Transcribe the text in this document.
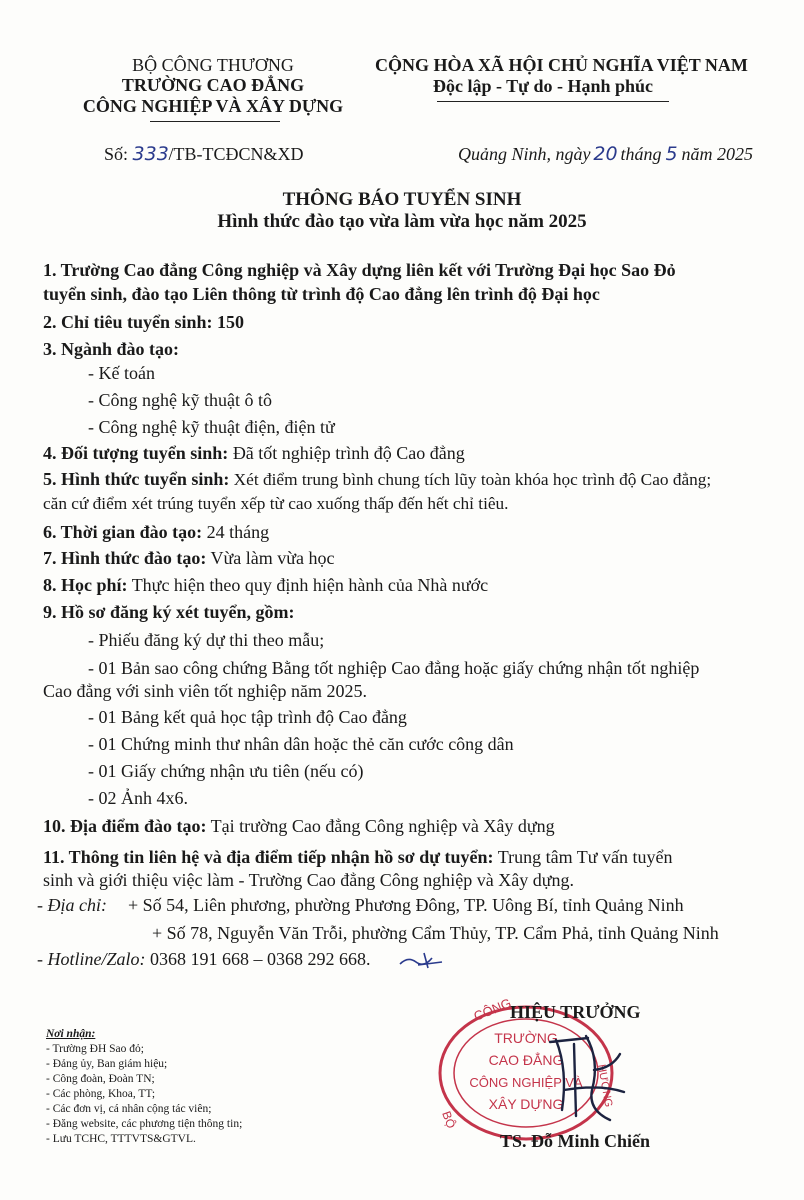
BỘ CÔNG THƯƠNG
TRƯỜNG CAO ĐẲNG
CÔNG NGHIỆP VÀ XÂY DỰNG
CỘNG HÒA XÃ HỘI CHỦ NGHĨA VIỆT NAM
Độc lập - Tự do - Hạnh phúc
Số: 333/TB-TCĐCN&XD	Quảng Ninh, ngày 20 tháng 5 năm 2025
THÔNG BÁO TUYỂN SINH
Hình thức đào tạo vừa làm vừa học năm 2025
1. Trường Cao đẳng Công nghiệp và Xây dựng liên kết với Trường Đại học Sao Đỏ
tuyển sinh, đào tạo Liên thông từ trình độ Cao đẳng lên trình độ Đại học
2. Chỉ tiêu tuyển sinh: 150
3. Ngành đào tạo:
- Kế toán
- Công nghệ kỹ thuật ô tô
- Công nghệ kỹ thuật điện, điện tử
4. Đối tượng tuyển sinh: Đã tốt nghiệp trình độ Cao đẳng
5. Hình thức tuyển sinh: Xét điểm trung bình chung tích lũy toàn khóa học trình độ Cao đẳng;
căn cứ điểm xét trúng tuyển xếp từ cao xuống thấp đến hết chỉ tiêu.
6. Thời gian đào tạo: 24 tháng
7. Hình thức đào tạo: Vừa làm vừa học
8. Học phí: Thực hiện theo quy định hiện hành của Nhà nước
9. Hồ sơ đăng ký xét tuyển, gồm:
- Phiếu đăng ký dự thi theo mẫu;
- 01 Bản sao công chứng Bằng tốt nghiệp Cao đẳng hoặc giấy chứng nhận tốt nghiệp
Cao đẳng với sinh viên tốt nghiệp năm 2025.
- 01 Bảng kết quả học tập trình độ Cao đẳng
- 01 Chứng minh thư nhân dân hoặc thẻ căn cước công dân
- 01 Giấy chứng nhận ưu tiên (nếu có)
- 02 Ảnh 4x6.
10. Địa điểm đào tạo: Tại trường Cao đẳng Công nghiệp và Xây dựng
11. Thông tin liên hệ và địa điểm tiếp nhận hồ sơ dự tuyển: Trung tâm Tư vấn tuyển
sinh và giới thiệu việc làm - Trường Cao đẳng Công nghiệp và Xây dựng.
- Địa chỉ: + Số 54, Liên phương, phường Phương Đông, TP. Uông Bí, tỉnh Quảng Ninh
+ Số 78, Nguyễn Văn Trỗi, phường Cẩm Thủy, TP. Cẩm Phả, tỉnh Quảng Ninh
- Hotline/Zalo: 0368 191 668 – 0368 292 668.
Nơi nhận:
- Trường ĐH Sao đỏ;
- Đảng ủy, Ban giám hiệu;
- Công đoàn, Đoàn TN;
- Các phòng, Khoa, TT;
- Các đơn vị, cá nhân cộng tác viên;
- Đăng website, các phương tiện thông tin;
- Lưu TCHC, TTTVTS&GTVL.
CÔNG
BỘ
HƯƠNG
TRƯỜNG
CAO ĐẲNG
CÔNG NGHIỆP VÀ
XÂY DỰNG
HIỆU TRƯỞNG
TS. Đỗ Minh Chiến
